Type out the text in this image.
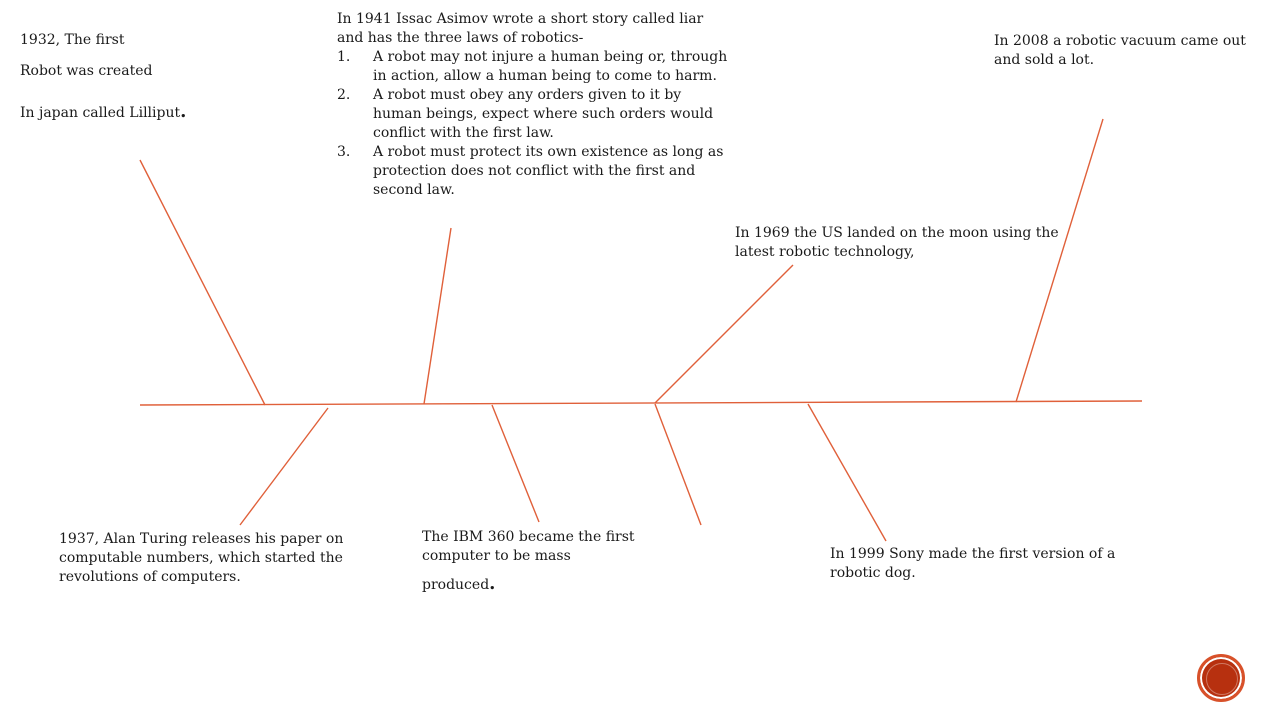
1932, The first

Robot was created

In japan called Lilliput.

In 1941 Issac Asimov wrote a short story called liar and has the three laws of robotics-

1. A robot may not injure a human being or, through in action, allow a human being to come to harm.
2. A robot must obey any orders given to it by human beings, expect where such orders would conflict with the first law.
3. A robot must protect its own existence as long as protection does not conflict with the first and second law.

In 2008 a robotic vacuum came out and sold a lot.

In 1969 the US landed on the moon using the latest robotic technology,

1937, Alan Turing releases his paper on computable numbers, which started the revolutions of computers.

The IBM 360 became the first computer to be mass

produced.

In 1999 Sony made the first version of a robotic dog.
